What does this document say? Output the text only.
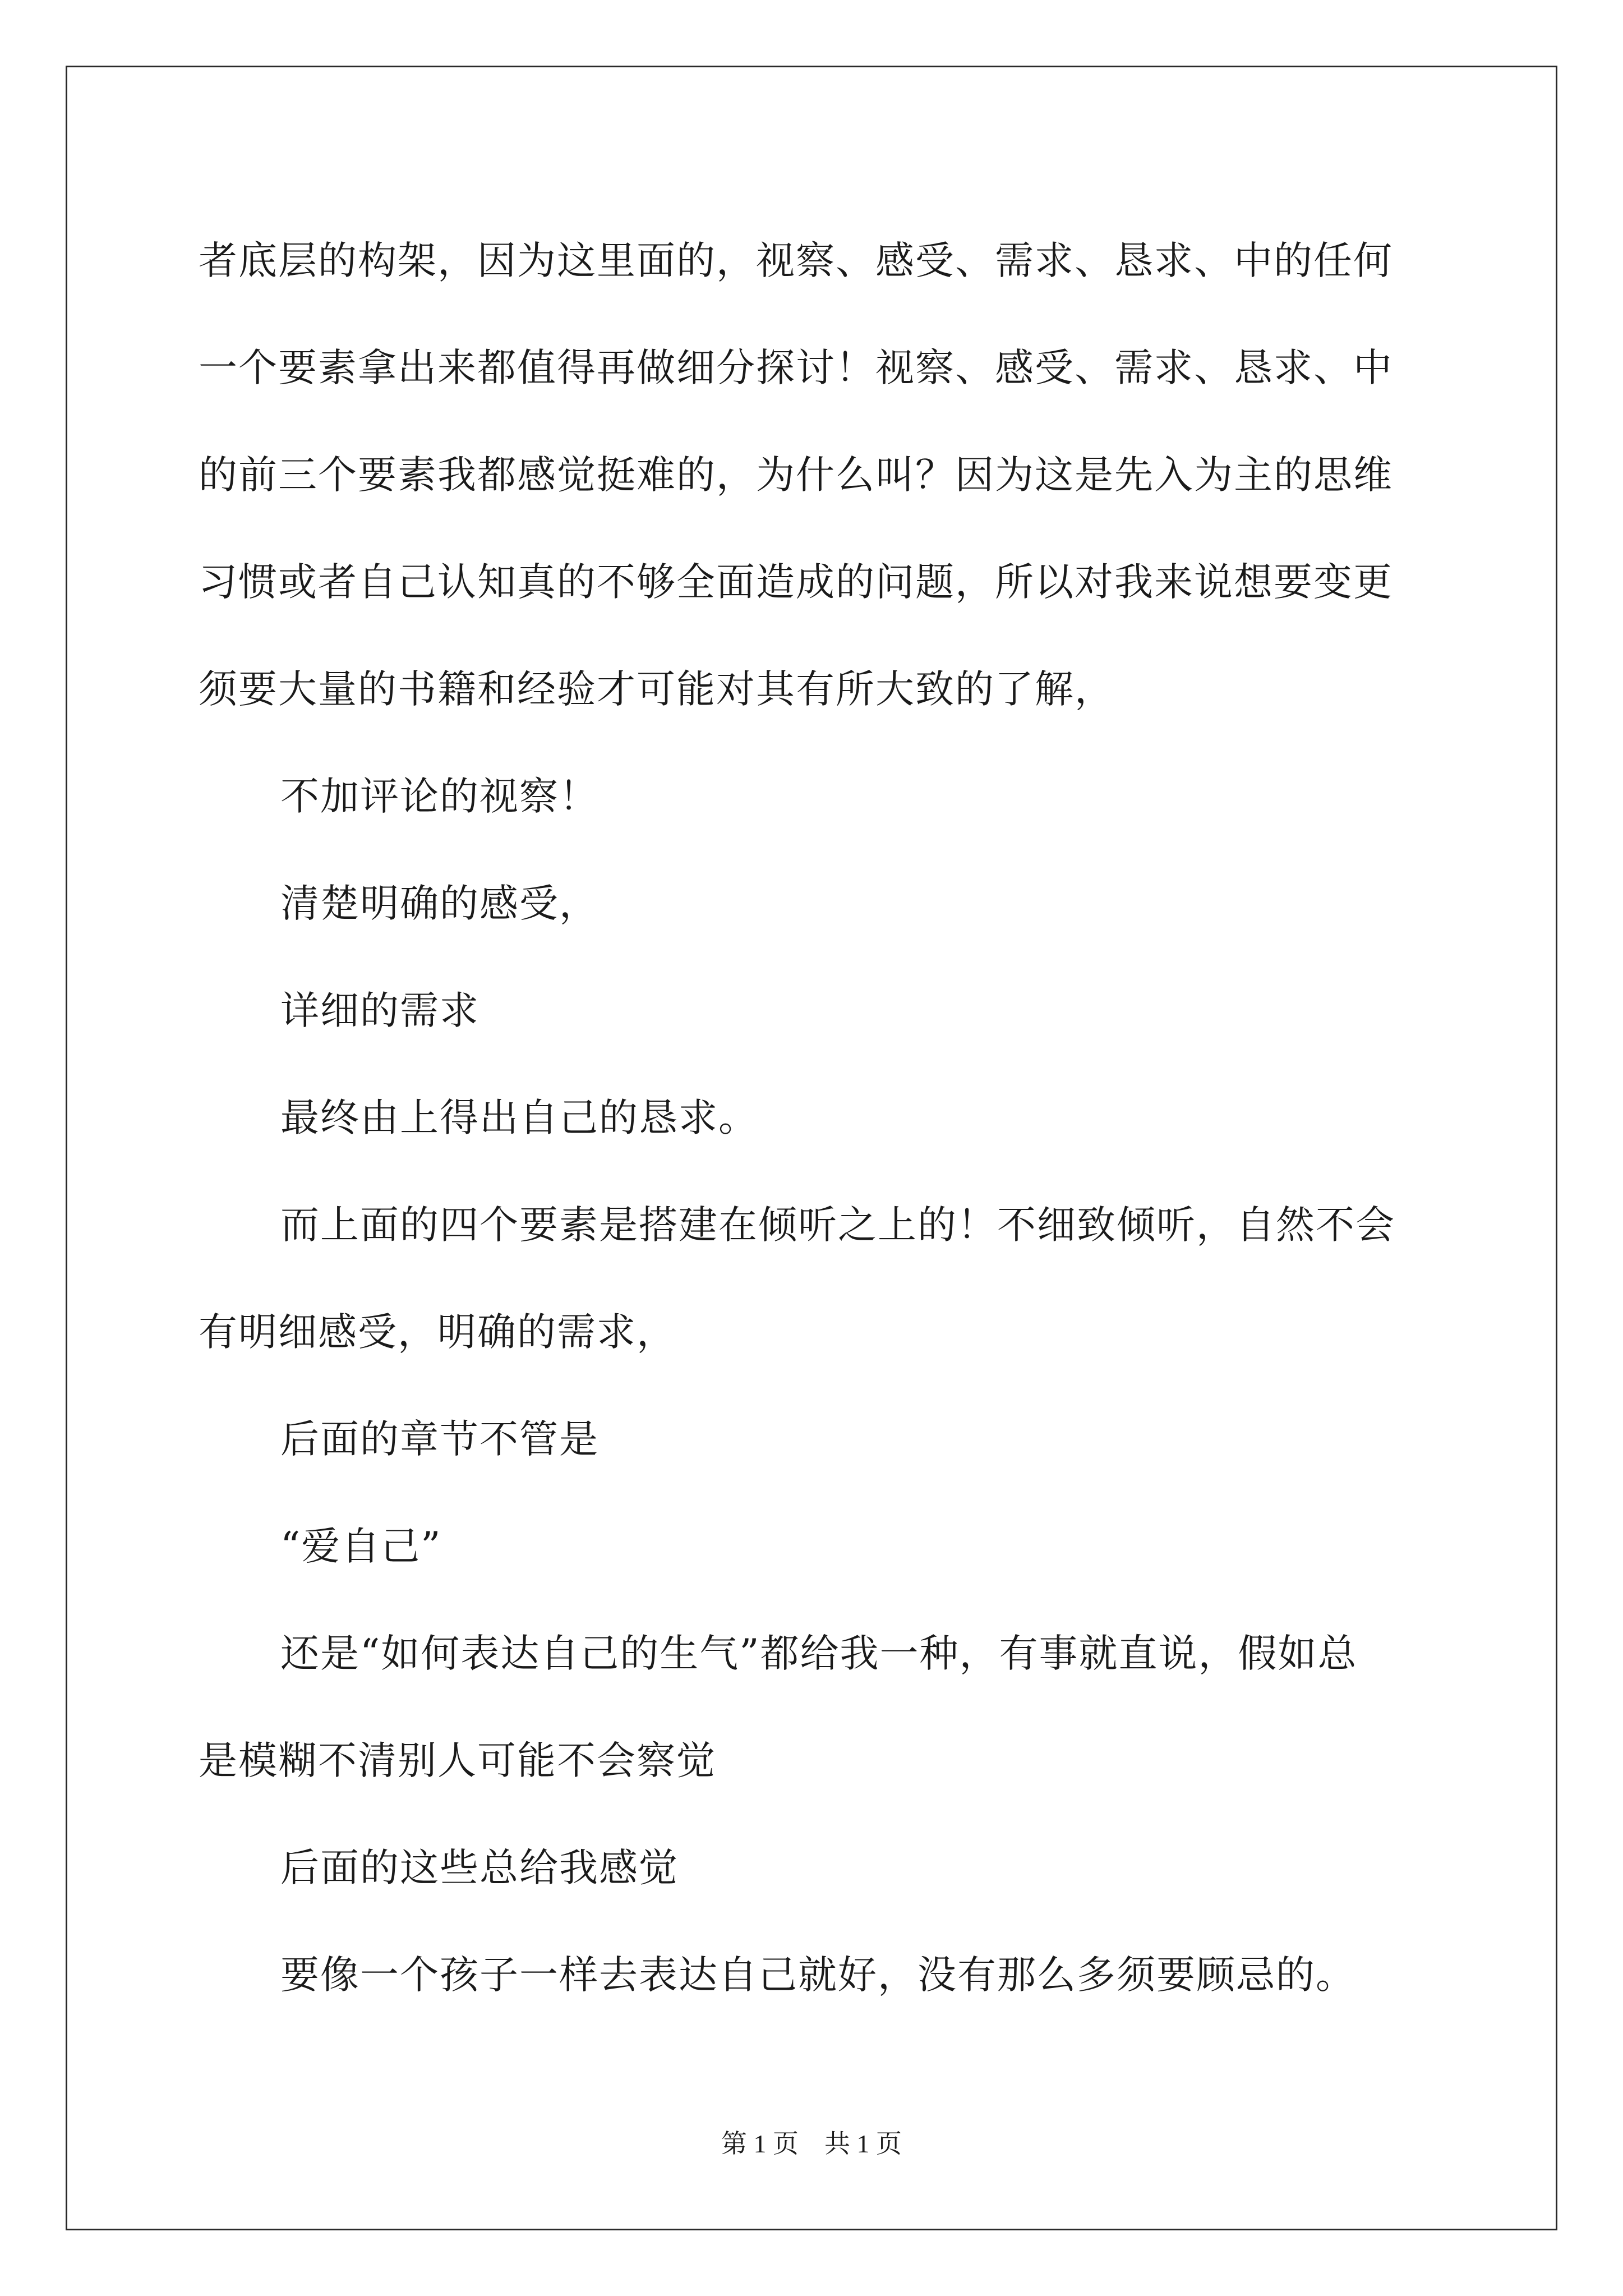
者底层的构架，因为这里面的，视察、感受、需求、恳求、中的任何

一个要素拿出来都值得再做细分探讨！视察、感受、需求、恳求、中

的前三个要素我都感觉挺难的，为什么叫？因为这是先入为主的思维

习惯或者自己认知真的不够全面造成的问题，所以对我来说想要变更

须要大量的书籍和经验才可能对其有所大致的了解，

不加评论的视察！

清楚明确的感受，

详细的需求

最终由上得出自己的恳求。

而上面的四个要素是搭建在倾听之上的！不细致倾听，自然不会

有明细感受，明确的需求，

后面的章节不管是

“爱自己”

还是“如何表达自己的生气”都给我一种，有事就直说，假如总

是模糊不清别人可能不会察觉

后面的这些总给我感觉

要像一个孩子一样去表达自己就好，没有那么多须要顾忌的。

第 1 页　共 1 页
